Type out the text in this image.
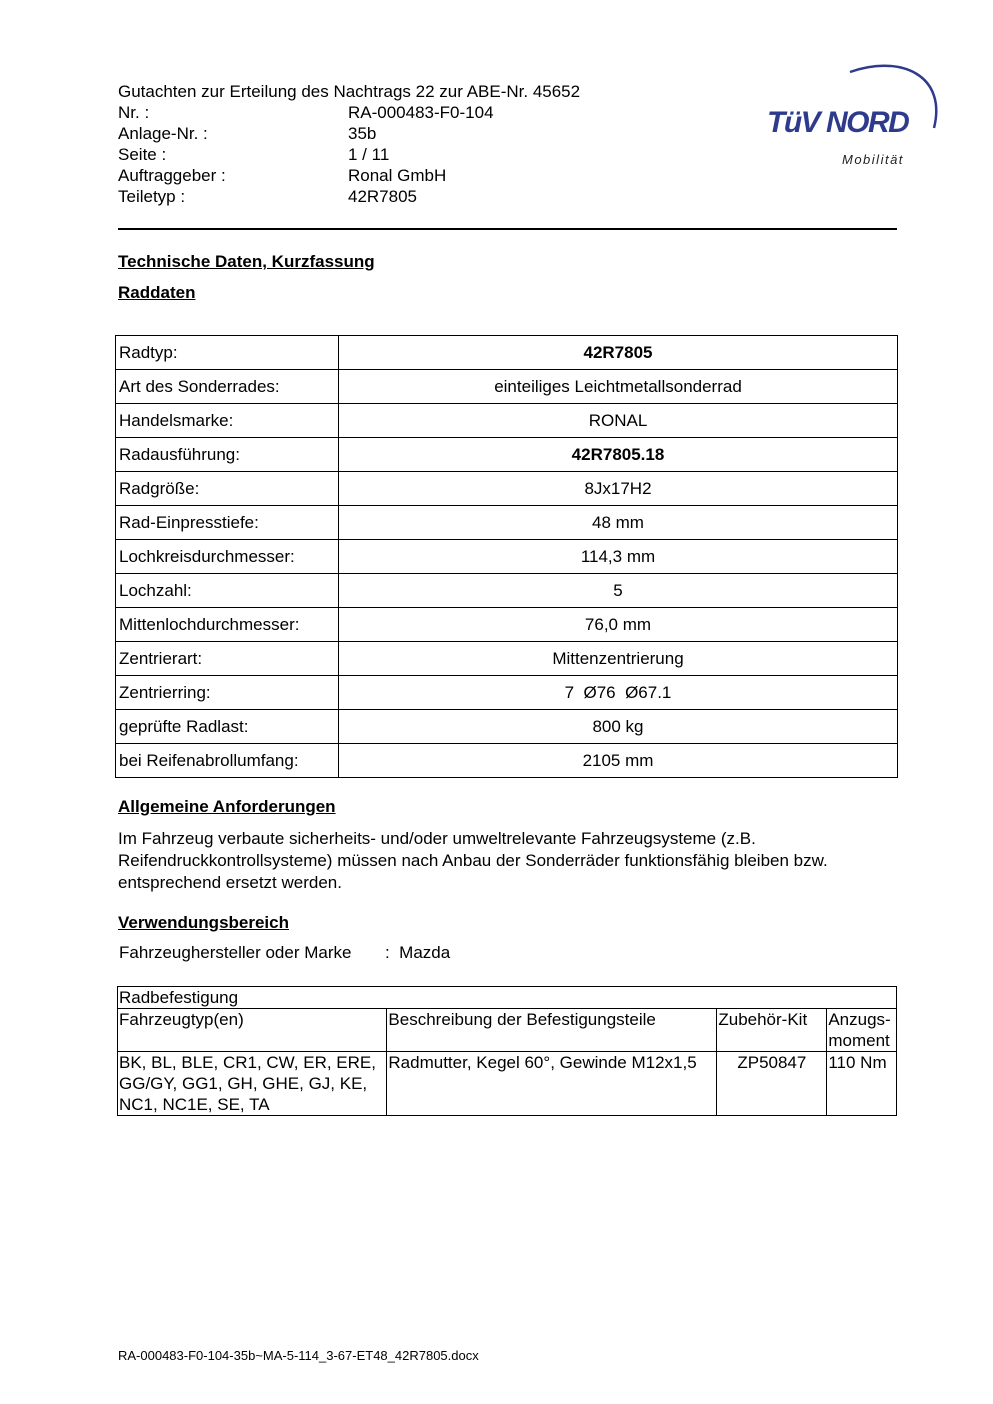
Gutachten zur Erteilung des Nachtrags 22 zur ABE-Nr. 45652
Nr. :	RA-000483-F0-104
Anlage-Nr. :	35b
Seite :	1 / 11
Auftraggeber :	Ronal GmbH
Teiletyp :	42R7805
TüV NORD
Mobilität
Technische Daten, Kurzfassung
Raddaten
Radtyp:	42R7805
Art des Sonderrades:	einteiliges Leichtmetallsonderrad
Handelsmarke:	RONAL
Radausführung:	42R7805.18
Radgröße:	8Jx17H2
Rad-Einpresstiefe:	48 mm
Lochkreisdurchmesser:	114,3 mm
Lochzahl:	5
Mittenlochdurchmesser:	76,0 mm
Zentrierart:	Mittenzentrierung
Zentrierring:	7  Ø76  Ø67.1
geprüfte Radlast:	800 kg
bei Reifenabrollumfang:	2105 mm
Allgemeine Anforderungen
Im Fahrzeug verbaute sicherheits- und/oder umweltrelevante Fahrzeugsysteme (z.B. Reifendruckkontrollsysteme) müssen nach Anbau der Sonderräder funktionsfähig bleiben bzw. entsprechend ersetzt werden.
Verwendungsbereich
Fahrzeughersteller oder Marke	:  Mazda
Radbefestigung			
Fahrzeugtyp(en)	Beschreibung der Befestigungsteile	Zubehör-Kit	Anzugs-moment
BK, BL, BLE, CR1, CW, ER, ERE, GG/GY, GG1, GH, GHE, GJ, KE, NC1, NC1E, SE, TA	Radmutter, Kegel 60°, Gewinde M12x1,5	ZP50847	110 Nm
RA-000483-F0-104-35b~MA-5-114_3-67-ET48_42R7805.docx
